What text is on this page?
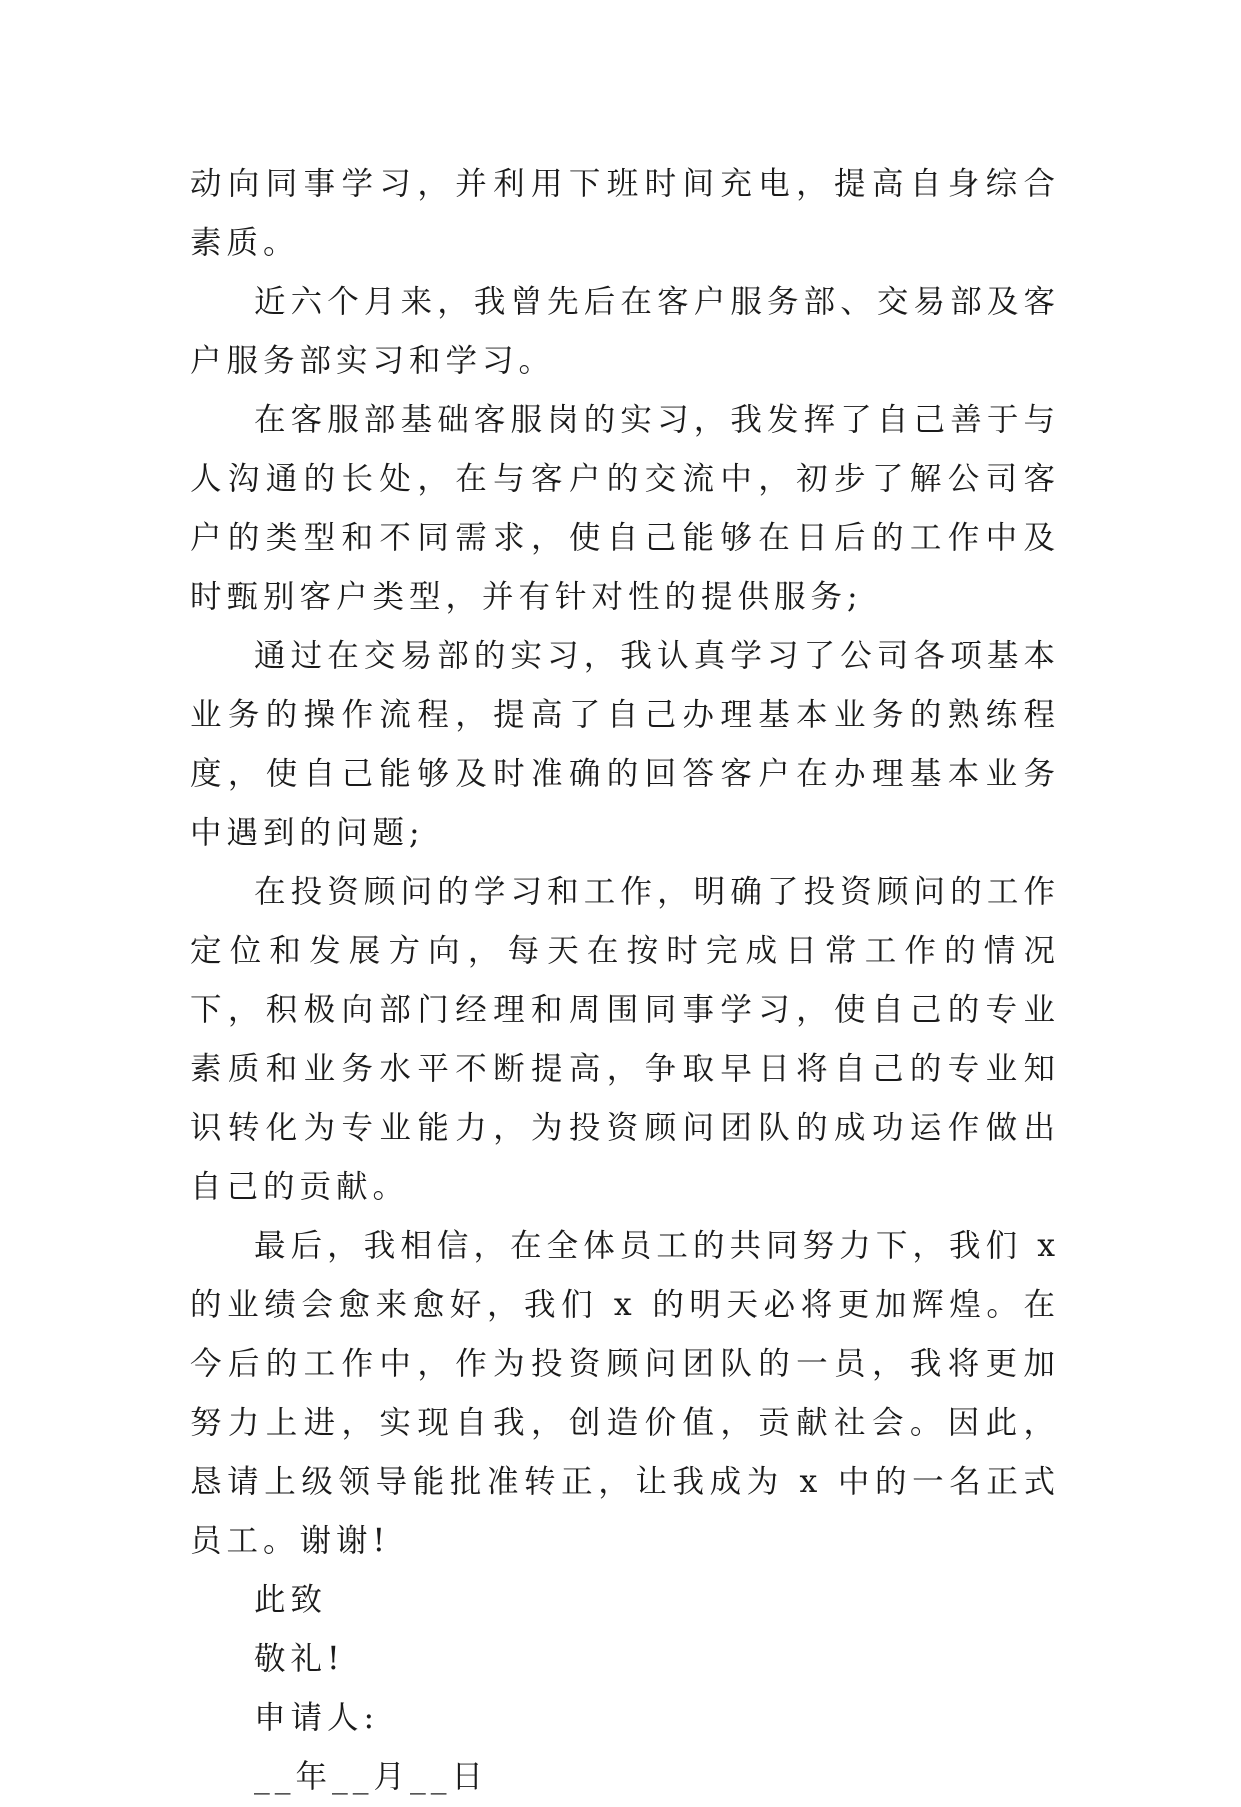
动向同事学习，并利用下班时间充电，提高自身综合素质。

近六个月来，我曾先后在客户服务部、交易部及客户服务部实习和学习。

在客服部基础客服岗的实习，我发挥了自己善于与人沟通的长处，在与客户的交流中，初步了解公司客户的类型和不同需求，使自己能够在日后的工作中及时甄别客户类型，并有针对性的提供服务;

通过在交易部的实习，我认真学习了公司各项基本业务的操作流程，提高了自己办理基本业务的熟练程度，使自己能够及时准确的回答客户在办理基本业务中遇到的问题;

在投资顾问的学习和工作，明确了投资顾问的工作定位和发展方向，每天在按时完成日常工作的情况下，积极向部门经理和周围同事学习，使自己的专业素质和业务水平不断提高，争取早日将自己的专业知识转化为专业能力，为投资顾问团队的成功运作做出自己的贡献。

最后，我相信，在全体员工的共同努力下，我们 x 的业绩会愈来愈好，我们 x 的明天必将更加辉煌。在今后的工作中，作为投资顾问团队的一员，我将更加努力上进，实现自我，创造价值，贡献社会。因此，恳请上级领导能批准转正，让我成为 x 中的一名正式员工。谢谢!

此致

敬礼!

申请人:

__年__月__日
